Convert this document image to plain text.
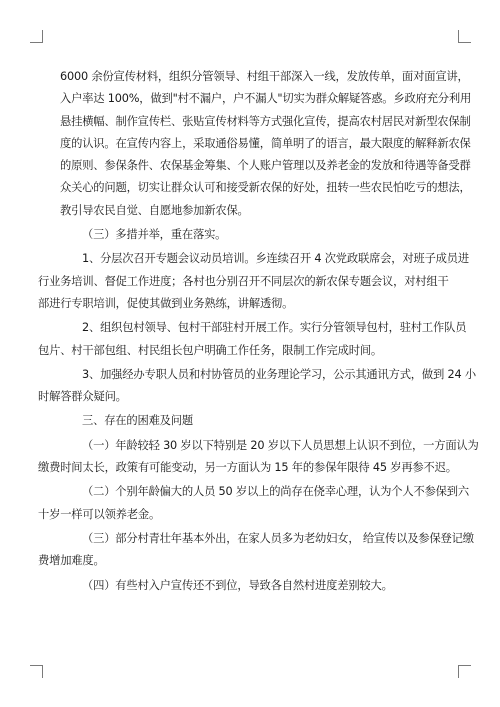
6000 余份宣传材料，组织分管领导、村组干部深入一线，发放传单，面对面宣讲，
入户率达 100%，做到"村不漏户，户不漏人"切实为群众解疑答惑。乡政府充分利用
悬挂横幅、制作宣传栏、张贴宣传材料等方式强化宣传，提高农村居民对新型农保制
度的认识。在宣传内容上，采取通俗易懂，简单明了的语言，最大限度的解释新农保
的原则、参保条件、农保基金筹集、个人账户管理以及养老金的发放和待遇等备受群
众关心的问题，切实让群众认可和接受新农保的好处，扭转一些农民怕吃亏的想法，
教引导农民自觉、自愿地参加新农保。
（三）多措并举，重在落实。
1、分层次召开专题会议动员培训。乡连续召开 4 次党政联席会，对班子成员进
行业务培训、督促工作进度；各村也分别召开不同层次的新农保专题会议，对村组干
部进行专职培训，促使其做到业务熟练，讲解透彻。
2、组织包村领导、包村干部驻村开展工作。实行分管领导包村，驻村工作队员
包片、村干部包组、村民组长包户明确工作任务，限制工作完成时间。
3、加强经办专职人员和村协管员的业务理论学习，公示其通讯方式，做到 24 小
时解答群众疑问。
三、存在的困难及问题
（一）年龄较轻 30 岁以下特别是 20 岁以下人员思想上认识不到位，一方面认为
缴费时间太长，政策有可能变动，另一方面认为 15 年的参保年限待 45 岁再参不迟。
（二）个别年龄偏大的人员 50 岁以上的尚存在侥幸心理，认为个人不参保到六
十岁一样可以领养老金。
（三）部分村青壮年基本外出，在家人员多为老幼妇女， 给宣传以及参保登记缴
费增加难度。
（四）有些村入户宣传还不到位，导致各自然村进度差别较大。
